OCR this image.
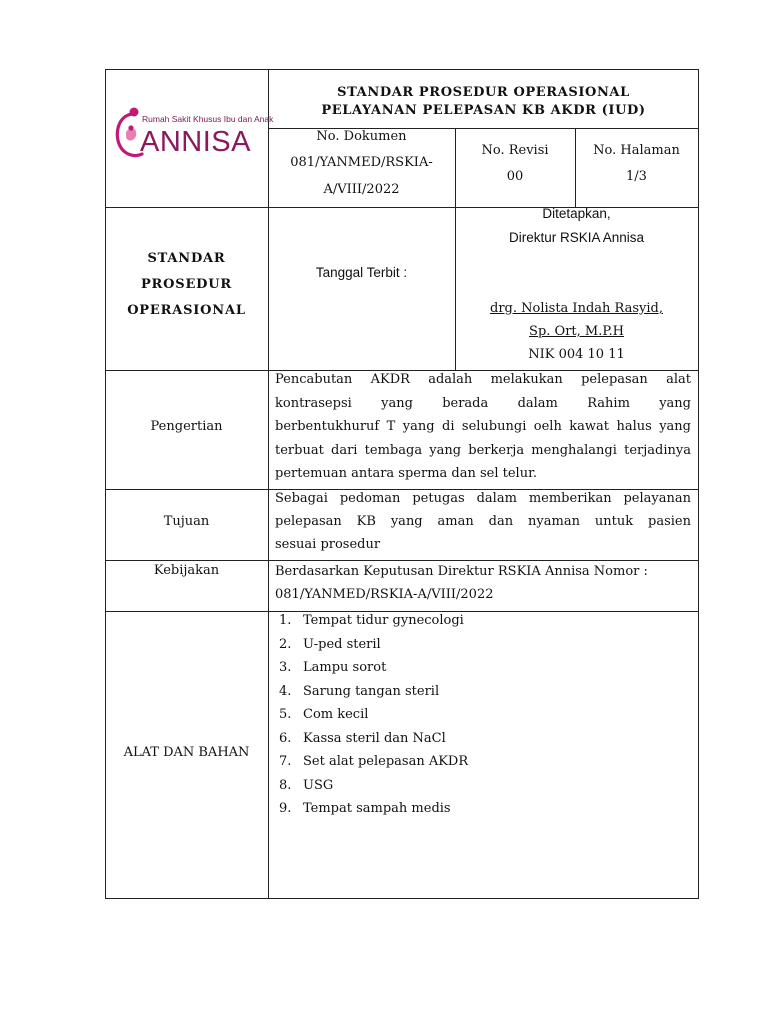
Rumah Sakit Khusus Ibu dan Anak
ANNISA
STANDAR PROSEDUR OPERASIONAL
PELAYANAN PELEPASAN KB AKDR (IUD)
No. Dokumen
081/YANMED/RSKIA-
A/VIII/2022
No. Revisi
00
No. Halaman
1/3
STANDAR
PROSEDUR
OPERASIONAL
Tanggal Terbit :
Ditetapkan,
Direktur RSKIA Annisa
drg. Nolista Indah Rasyid,
Sp. Ort, M.P.H
NIK 004 10 11
Pengertian
Pencabutan AKDR adalah melakukan pelepasan alat
kontrasepsi yang berada dalam Rahim yang
berbentukhuruf T yang di selubungi oelh kawat halus yang
terbuat dari tembaga yang berkerja menghalangi terjadinya
pertemuan antara sperma dan sel telur.
Tujuan
Sebagai pedoman petugas dalam memberikan pelayanan
pelepasan KB yang aman dan nyaman untuk pasien
sesuai prosedur
Kebijakan	Berdasarkan Keputusan Direktur RSKIA Annisa Nomor :
081/YANMED/RSKIA-A/VIII/2022
ALAT DAN BAHAN
1. Tempat tidur gynecologi
2. U-ped steril
3. Lampu sorot
4. Sarung tangan steril
5. Com kecil
6. Kassa steril dan NaCl
7. Set alat pelepasan AKDR
8. USG
9. Tempat sampah medis
